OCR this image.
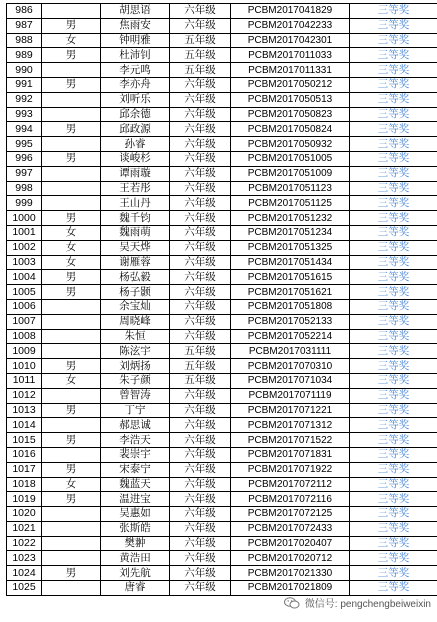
986		胡思语	六年级	PCBM2017041829	三等奖
987	男	焦雨安	六年级	PCBM2017042233	三等奖
988	女	钟明雅	五年级	PCBM2017042301	三等奖
989	男	杜沛钊	五年级	PCBM2017011033	三等奖
990		李元鸣	五年级	PCBM2017011331	三等奖
991	男	李亦舟	六年级	PCBM2017050212	三等奖
992		刘听乐	六年级	PCBM2017050513	三等奖
993		邱余德	六年级	PCBM2017050823	三等奖
994	男	邱政源	六年级	PCBM2017050824	三等奖
995		孙睿	六年级	PCBM2017050932	三等奖
996	男	谈峻杉	六年级	PCBM2017051005	三等奖
997		谭雨璇	六年级	PCBM2017051009	三等奖
998		王若彤	六年级	PCBM2017051123	三等奖
999		王山丹	六年级	PCBM2017051125	三等奖
1000	男	魏千钧	六年级	PCBM2017051232	三等奖
1001	女	魏雨萌	六年级	PCBM2017051234	三等奖
1002	女	吴天烨	六年级	PCBM2017051325	三等奖
1003	女	谢雁蓉	六年级	PCBM2017051434	三等奖
1004	男	杨弘毅	六年级	PCBM2017051615	三等奖
1005	男	杨子颢	六年级	PCBM2017051621	三等奖
1006		余宝灿	六年级	PCBM2017051808	三等奖
1007		周晓峰	六年级	PCBM2017052133	三等奖
1008		朱恒	六年级	PCBM2017052214	三等奖
1009		陈泫宇	五年级	PCBM2017031111	三等奖
1010	男	刘炳扬	五年级	PCBM2017070310	三等奖
1011	女	朱子颜	五年级	PCBM2017071034	三等奖
1012		曾智涛	六年级	PCBM2017071119	三等奖
1013	男	丁宁	六年级	PCBM2017071221	三等奖
1014		郝思诚	六年级	PCBM2017071312	三等奖
1015	男	李浩天	六年级	PCBM2017071522	三等奖
1016		裴崇宇	六年级	PCBM2017071831	三等奖
1017	男	宋泰宁	六年级	PCBM2017071922	三等奖
1018	女	魏蓝天	六年级	PCBM2017072112	三等奖
1019	男	温进宝	六年级	PCBM2017072116	三等奖
1020		吴惠如	六年级	PCBM2017072125	三等奖
1021		张斯皓	六年级	PCBM2017072433	三等奖
1022		樊翀	六年级	PCBM2017020407	三等奖
1023		黄浩田	六年级	PCBM2017020712	三等奖
1024	男	刘先航	六年级	PCBM2017021330	三等奖
1025		唐睿	六年级	PCBM2017021809	三等奖
微信号: pengchengbeiweixin
